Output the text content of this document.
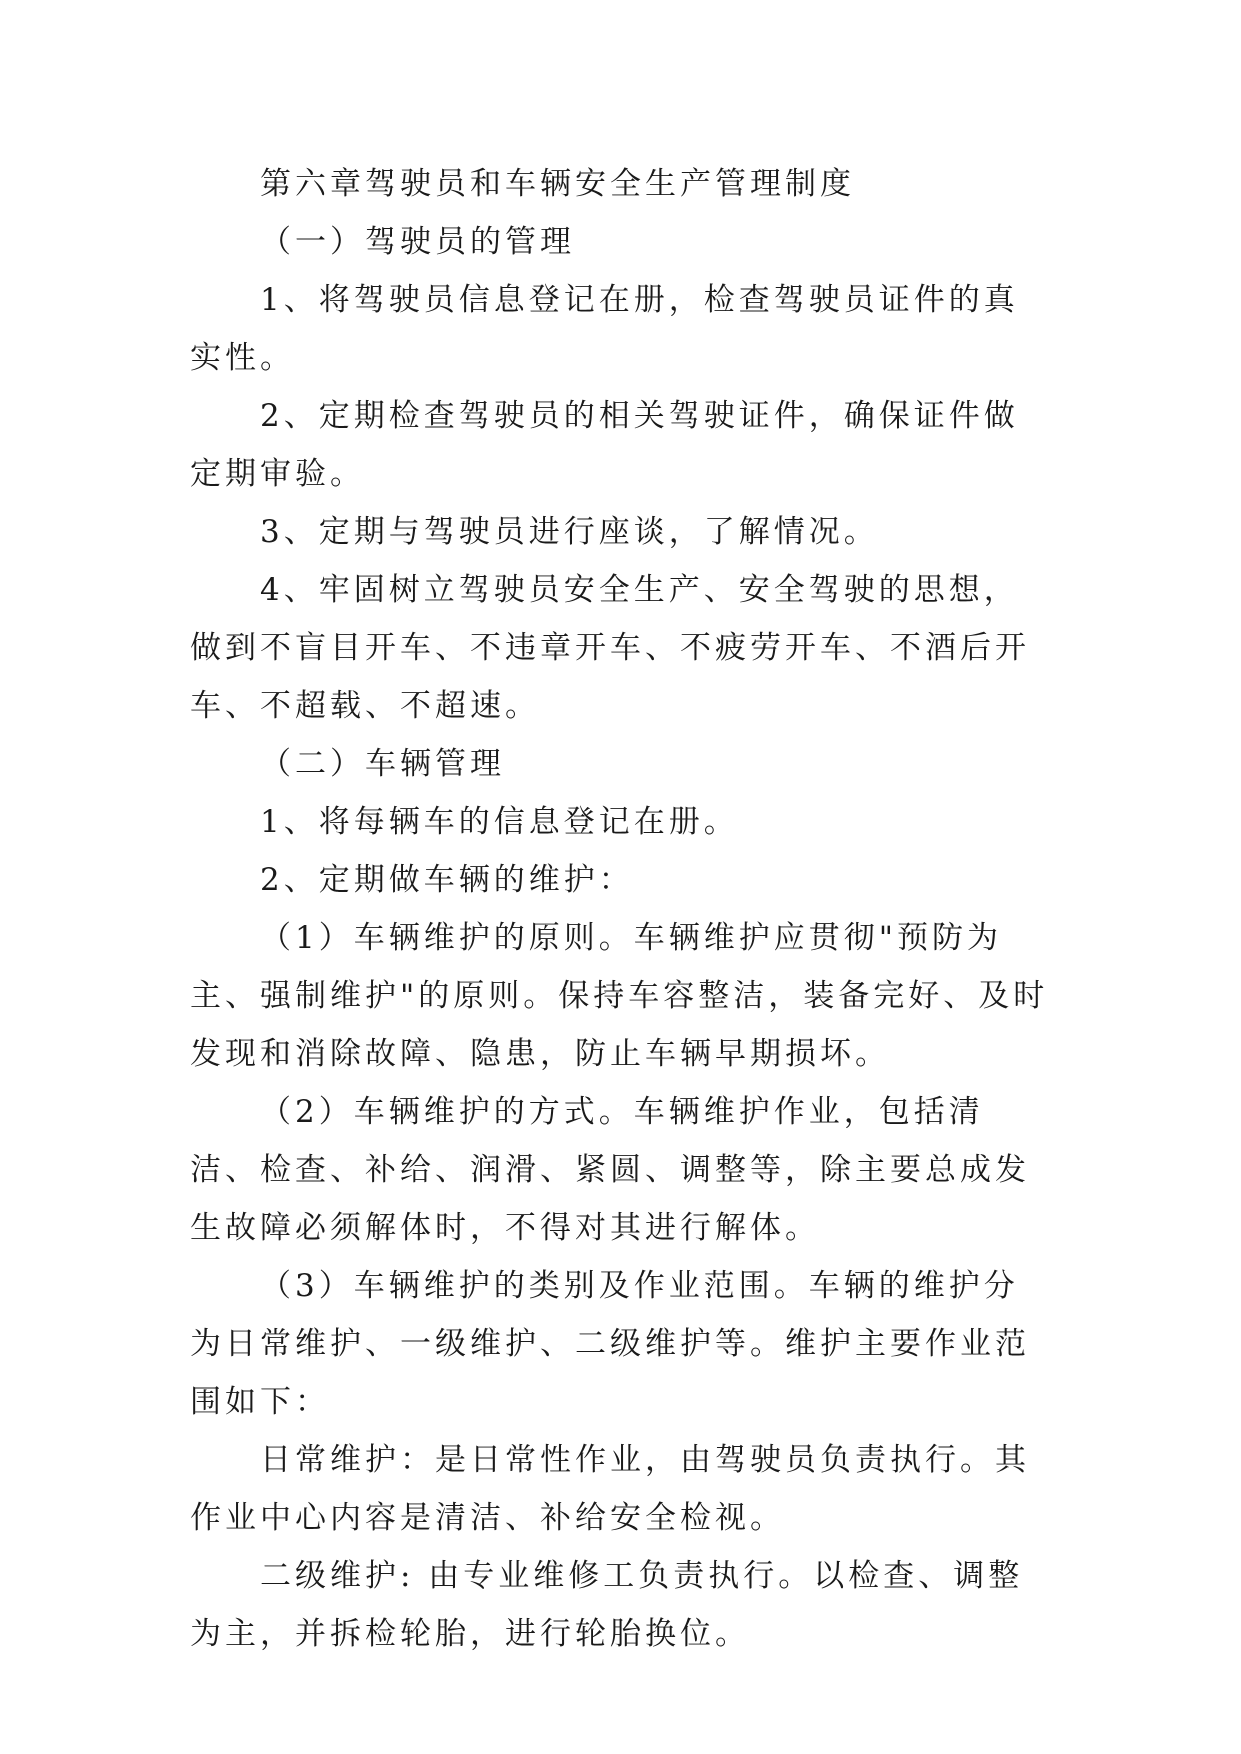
第六章驾驶员和车辆安全生产管理制度

（一）驾驶员的管理

1、将驾驶员信息登记在册，检查驾驶员证件的真实性。

2、定期检查驾驶员的相关驾驶证件，确保证件做定期审验。

3、定期与驾驶员进行座谈，了解情况。

4、牢固树立驾驶员安全生产、安全驾驶的思想，做到不盲目开车、不违章开车、不疲劳开车、不酒后开车、不超载、不超速。

（二）车辆管理

1、将每辆车的信息登记在册。

2、定期做车辆的维护：

（1）车辆维护的原则。车辆维护应贯彻"预防为主、强制维护"的原则。保持车容整洁，装备完好、及时发现和消除故障、隐患，防止车辆早期损坏。

（2）车辆维护的方式。车辆维护作业，包括清洁、检查、补给、润滑、紧圆、调整等，除主要总成发生故障必须解体时，不得对其进行解体。

（3）车辆维护的类别及作业范围。车辆的维护分为日常维护、一级维护、二级维护等。维护主要作业范围如下：

日常维护：是日常性作业，由驾驶员负责执行。其作业中心内容是清洁、补给安全检视。

二级维护: 由专业维修工负责执行。以检查、调整为主，并拆检轮胎，进行轮胎换位。
